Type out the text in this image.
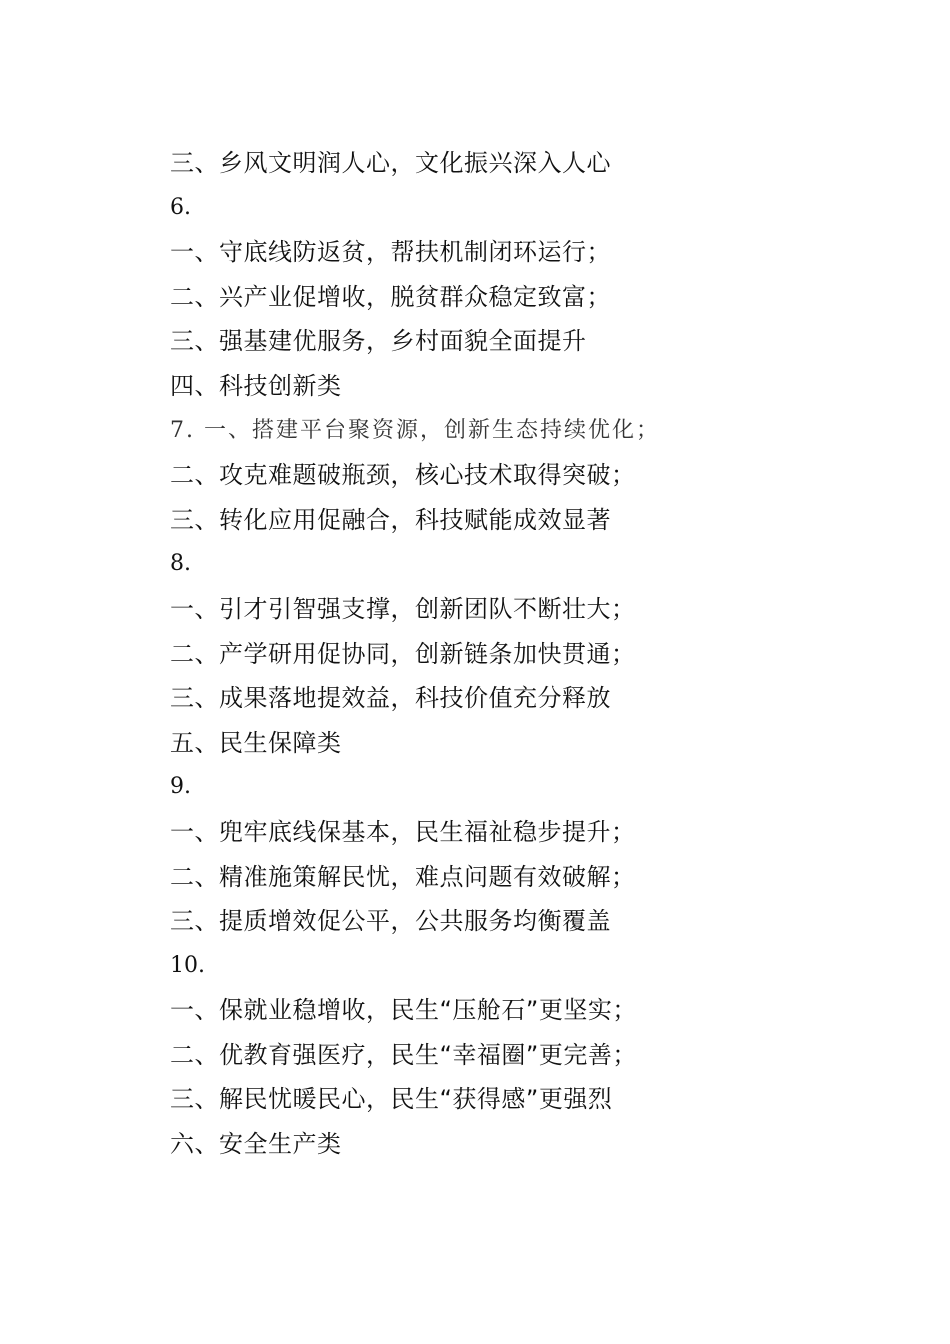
三、乡风文明润人心，文化振兴深入人心
6.
一、守底线防返贫，帮扶机制闭环运行；
二、兴产业促增收，脱贫群众稳定致富；
三、强基建优服务，乡村面貌全面提升
四、科技创新类
7. 一、搭建平台聚资源，创新生态持续优化；
二、攻克难题破瓶颈，核心技术取得突破；
三、转化应用促融合，科技赋能成效显著
8.
一、引才引智强支撑，创新团队不断壮大；
二、产学研用促协同，创新链条加快贯通；
三、成果落地提效益，科技价值充分释放
五、民生保障类
9.
一、兜牢底线保基本，民生福祉稳步提升；
二、精准施策解民忧，难点问题有效破解；
三、提质增效促公平，公共服务均衡覆盖
10.
一、保就业稳增收，民生“压舱石”更坚实；
二、优教育强医疗，民生“幸福圈”更完善；
三、解民忧暖民心，民生“获得感”更强烈
六、安全生产类
